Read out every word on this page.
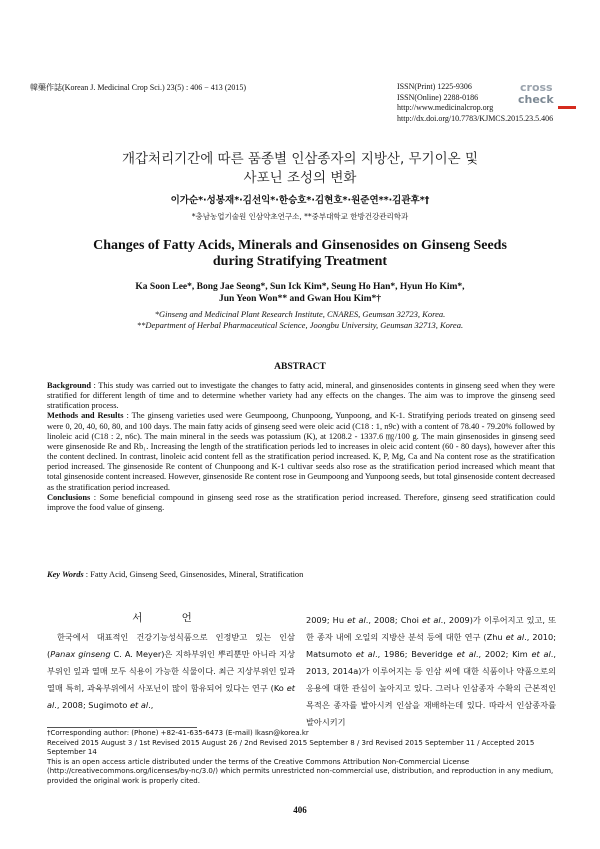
韓藥作誌(Korean J. Medicinal Crop Sci.) 23(5) : 406 − 413 (2015)	ISSN(Print) 1225-9306
ISSN(Online) 2288-0186
http://www.medicinalcrop.org
http://dx.doi.org/10.7783/KJMCS.2015.23.5.406
cross
check
개갑처리기간에 따른 품종별 인삼종자의 지방산, 무기이온 및
사포닌 조성의 변화
이가순*·성봉재*·김선익*·한승호*·김현호*·원준연**·김관후*†
*충남농업기술원 인삼약초연구소, **중부대학교 한방건강관리학과
Changes of Fatty Acids, Minerals and Ginsenosides on Ginseng Seeds
during Stratifying Treatment
Ka Soon Lee*, Bong Jae Seong*, Sun Ick Kim*, Seung Ho Han*, Hyun Ho Kim*,
Jun Yeon Won** and Gwan Hou Kim*†
*Ginseng and Medicinal Plant Research Institute, CNARES, Geumsan 32723, Korea.
**Department of Herbal Pharmaceutical Science, Joongbu University, Geumsan 32713, Korea.
ABSTRACT

Background : This study was carried out to investigate the changes to fatty acid, mineral, and ginsenosides contents in ginseng seed when they were stratified for different length of time and to determine whether variety had any effects on the changes. The aim was to improve the ginseng seed stratification process.

Methods and Results : The ginseng varieties used were Geumpoong, Chunpoong, Yunpoong, and K-1. Stratifying periods treated on ginseng seed were 0, 20, 40, 60, 80, and 100 days. The main fatty acids of ginseng seed were oleic acid (C18 : 1, n9c) with a content of 78.40 - 79.20% followed by linoleic acid (C18 : 2, n6c). The main mineral in the seeds was potassium (K), at 1208.2 - 1337.6 ㎎/100 g. The main ginsenosides in ginseng seed were ginsenoside Re and Rb₁. Increasing the length of the stratification periods led to increases in oleic acid content (60 - 80 days), however after this the content declined. In contrast, linoleic acid content fell as the stratification period increased. K, P, Mg, Ca and Na content rose as the stratification period increased. The ginsenoside Re content of Chunpoong and K-1 cultivar seeds also rose as the stratification period increased which meant that total ginsenoside content increased. However, ginsenoside Re content rose in Geumpoong and Yunpoong seeds, but total ginsenoside content decreased as the stratification period increased.

Conclusions : Some beneficial compound in ginseng seed rose as the stratification period increased. Therefore, ginseng seed stratification could improve the food value of ginseng.

Key Words : Fatty Acid, Ginseng Seed, Ginsenosides, Mineral, Stratification
서 언

한국에서 대표적인 건강기능성식품으로 인정받고 있는 인삼(Panax ginseng C. A. Meyer)은 지하부위인 뿌리뿐만 아니라 지상부위인 잎과 열매 모두 식용이 가능한 식물이다. 최근 지상부위인 잎과 열매 특히, 과육부위에서 사포닌이 많이 함유되어 있다는 연구 (Ko et al., 2008; Sugimoto et al.,

2009; Hu et al., 2008; Choi et al., 2009)가 이루어지고 있고, 또한 종자 내에 오일의 지방산 분석 등에 대한 연구 (Zhu et al., 2010; Matsumoto et al., 1986; Beveridge et al., 2002; Kim et al., 2013, 2014a)가 이루어지는 등 인삼 씨에 대한 식품이나 약품으로의 응용에 대한 관심이 높아지고 있다. 그러나 인삼종자 수확의 근본적인 목적은 종자를 발아시켜 인삼을 재배하는데 있다. 따라서 인삼종자를 발아시키기

†Corresponding author: (Phone) +82-41-635-6473 (E-mail) lkasn@korea.kr

Received 2015 August 3 / 1st Revised 2015 August 26 / 2nd Revised 2015 September 8 / 3rd Revised 2015 September 11 / Accepted 2015 September 14

This is an open access article distributed under the terms of the Creative Commons Attribution Non-Commercial License (http://creativecommons.org/licenses/by-nc/3.0/) which permits unrestricted non-commercial use, distribution, and reproduction in any medium, provided the original work is properly cited.

406
